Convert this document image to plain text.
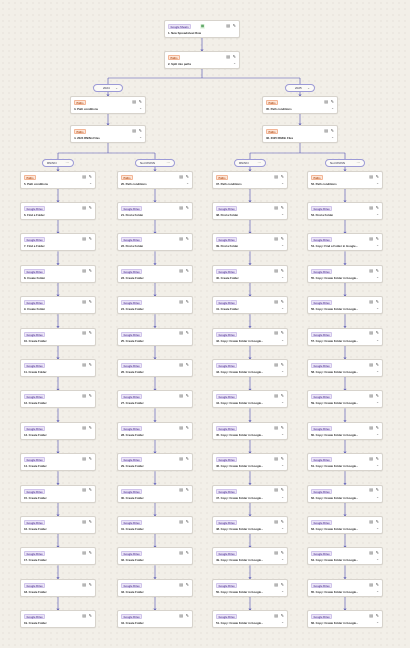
Google Sheets	▦	▤ ✎
1. New Spreadsheet Row
Paths	▤ ✎
2. Split into paths	⌄
2024 ⌄
Paths	▤ ✎
3. Path conditions	⌄
Paths	▤ ✎
4. 2024 RN/Nn Files	⌄
RN/NN	···
Paths	▤ ✎
5. Path conditions	⌄
Google Drive	▤ ✎
6. Find a Folder
Google Drive	▤ ✎
7. Find a Folder
Google Drive	▤ ✎
8. Create Folder
Google Drive	▤ ✎
9. Create Folder
Google Drive	▤ ✎
10. Create Folder
Google Drive	▤ ✎
11. Create Folder
Google Drive	▤ ✎
12. Create Folder
Google Drive	▤ ✎
13. Create Folder
Google Drive	▤ ✎
14. Create Folder
Google Drive	▤ ✎
15. Create Folder
Google Drive	▤ ✎
16. Create Folder
Google Drive	▤ ✎
17. Create Folder
Google Drive	▤ ✎
18. Create Folder
Google Drive	▤ ✎
19. Create Folder
Not RN/NN	···
Paths	▤ ✎
20. Path conditions	⌄
Google Drive	▤ ✎
21. Find a Folder
Google Drive	▤ ✎
22. Find a Folder
Google Drive	▤ ✎
23. Create Folder
Google Drive	▤ ✎
24. Create Folder
Google Drive	▤ ✎
25. Create Folder
Google Drive	▤ ✎
26. Create Folder
Google Drive	▤ ✎
27. Create Folder
Google Drive	▤ ✎
28. Create Folder
Google Drive	▤ ✎
29. Create Folder
Google Drive	▤ ✎
30. Create Folder
Google Drive	▤ ✎
31. Create Folder
Google Drive	▤ ✎
32. Create Folder
Google Drive	▤ ✎
33. Create Folder
Google Drive	▤ ✎
34. Create Folder
2025 ⌄
Paths	▤ ✎
35. Path conditions	⌄
Paths	▤ ✎
36. 2025 RN/Nn Files	⌄
RN/NN	···
Paths	▤ ✎
37. Path conditions	⌄
Google Drive	▤ ✎
38. Find a Folder	⌄
Google Drive	▤ ✎
39. Find a Folder	⌄
Google Drive	▤ ✎
40. Create Folder	⌄
Google Drive	▤ ✎
41. Create Folder	⌄
Google Drive	▤ ✎
42. Copy: Create Folder in Google...	⌄
Google Drive	▤ ✎
43. Copy: Create Folder in Google...	⌄
Google Drive	▤ ✎
44. Copy: Create Folder in Google...	⌄
Google Drive	▤ ✎
45. Copy: Create Folder in Google...	⌄
Google Drive	▤ ✎
46. Copy: Create Folder in Google...	⌄
Google Drive	▤ ✎
47. Copy: Create Folder in Google...	⌄
Google Drive	▤ ✎
48. Copy: Create Folder in Google...	⌄
Google Drive	▤ ✎
49. Copy: Create Folder in Google...	⌄
Google Drive	▤ ✎
50. Copy: Create Folder in Google...	⌄
Google Drive	▤ ✎
51. Copy: Create Folder in Google...	⌄
Not RN/NN	···
Paths	▤ ✎
52. Path conditions	⌄
Google Drive	▤ ✎
53. Find a Folder	⌄
Google Drive	▤ ✎
54. Copy: Find a Folder in Google...	⌄
Google Drive	▤ ✎
55. Copy: Create Folder in Google...	⌄
Google Drive	▤ ✎
56. Copy: Create Folder in Google...	⌄
Google Drive	▤ ✎
57. Copy: Create Folder in Google...	⌄
Google Drive	▤ ✎
58. Copy: Create Folder in Google...	⌄
Google Drive	▤ ✎
59. Copy: Create Folder in Google...	⌄
Google Drive	▤ ✎
60. Copy: Create Folder in Google...	⌄
Google Drive	▤ ✎
61. Copy: Create Folder in Google...	⌄
Google Drive	▤ ✎
62. Copy: Create Folder in Google...	⌄
Google Drive	▤ ✎
63. Copy: Create Folder in Google...	⌄
Google Drive	▤ ✎
64. Copy: Create Folder in Google...	⌄
Google Drive	▤ ✎
65. Copy: Create Folder in Google...	⌄
Google Drive	▤ ✎
66. Copy: Create Folder in Google...	⌄
